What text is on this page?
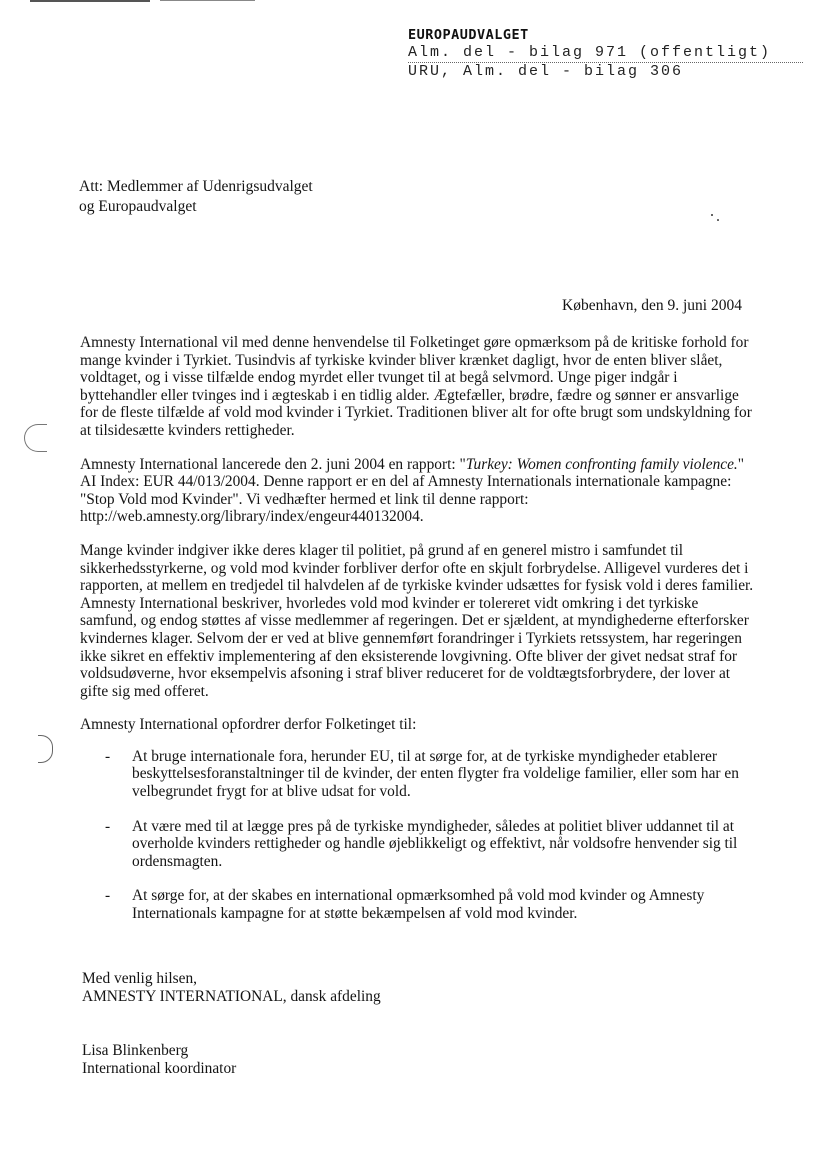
EUROPAUDVALGET
Alm. del - bilag 971 (offentligt)
URU, Alm. del - bilag 306
Att: Medlemmer af Udenrigsudvalget
og Europaudvalget
København, den 9. juni 2004

Amnesty International vil med denne henvendelse til Folketinget gøre opmærksom på de kritiske forhold for mange kvinder i Tyrkiet. Tusindvis af tyrkiske kvinder bliver krænket dagligt, hvor de enten bliver slået, voldtaget, og i visse tilfælde endog myrdet eller tvunget til at begå selvmord. Unge piger indgår i byttehandler eller tvinges ind i ægteskab i en tidlig alder. Ægtefæller, brødre, fædre og sønner er ansvarlige for de fleste tilfælde af vold mod kvinder i Tyrkiet. Traditionen bliver alt for ofte brugt som undskyldning for at tilsidesætte kvinders rettigheder.

Amnesty International lancerede den 2. juni 2004 en rapport: "Turkey: Women confronting family violence." AI Index: EUR 44/013/2004. Denne rapport er en del af Amnesty Internationals internationale kampagne: "Stop Vold mod Kvinder". Vi vedhæfter hermed et link til denne rapport: http://web.amnesty.org/library/index/engeur440132004.

Mange kvinder indgiver ikke deres klager til politiet, på grund af en generel mistro i samfundet til sikkerhedsstyrkerne, og vold mod kvinder forbliver derfor ofte en skjult forbrydelse. Alligevel vurderes det i rapporten, at mellem en tredjedel til halvdelen af de tyrkiske kvinder udsættes for fysisk vold i deres familier. Amnesty International beskriver, hvorledes vold mod kvinder er tolereret vidt omkring i det tyrkiske samfund, og endog støttes af visse medlemmer af regeringen. Det er sjældent, at myndighederne efterforsker kvindernes klager. Selvom der er ved at blive gennemført forandringer i Tyrkiets retssystem, har regeringen ikke sikret en effektiv implementering af den eksisterende lovgivning. Ofte bliver der givet nedsat straf for voldsudøverne, hvor eksempelvis afsoning i straf bliver reduceret for de voldtægtsforbrydere, der lover at gifte sig med offeret.

Amnesty International opfordrer derfor Folketinget til:

- At bruge internationale fora, herunder EU, til at sørge for, at de tyrkiske myndigheder etablerer beskyttelsesforanstaltninger til de kvinder, der enten flygter fra voldelige familier, eller som har en velbegrundet frygt for at blive udsat for vold.
- At være med til at lægge pres på de tyrkiske myndigheder, således at politiet bliver uddannet til at overholde kvinders rettigheder og handle øjeblikkeligt og effektivt, når voldsofre henvender sig til ordensmagten.
- At sørge for, at der skabes en international opmærksomhed på vold mod kvinder og Amnesty Internationals kampagne for at støtte bekæmpelsen af vold mod kvinder.
Med venlig hilsen,
AMNESTY INTERNATIONAL, dansk afdeling
Lisa Blinkenberg
International koordinator
